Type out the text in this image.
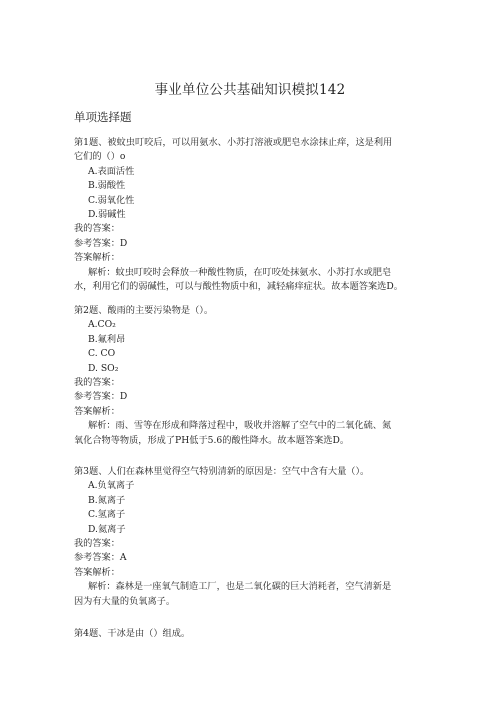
事业单位公共基础知识模拟142
单项选择题
第1题、被蚊虫叮咬后，可以用氨水、小苏打溶液或肥皂水涂抹止痒，这是利用
它们的（）o
A.表面活性
B.弱酸性
C.弱氧化性
D.弱碱性
我的答案：
参考答案：D
答案解析：
解析：蚊虫叮咬时会释放一种酸性物质，在叮咬处抹氨水、小苏打水或肥皂
水，利用它们的弱碱性，可以与酸性物质中和，减轻痛痒症状。故本题答案选D。
第2题、酸雨的主要污染物是（）。
A.CO₂
B.氟利昂
C. CO
D. SO₂
我的答案：
参考答案：D
答案解析：
解析：雨、雪等在形成和降落过程中，吸收并溶解了空气中的二氧化硫、氮
氧化合物等物质，形成了PH低于5.6的酸性降水。故本题答案选D。
第3题、人们在森林里觉得空气特别清新的原因是：空气中含有大量（）。
A.负氧离子
B.氮离子
C.氢离子
D.氦离子
我的答案：
参考答案：A
答案解析：
解析：森林是一座氧气制造工厂，也是二氧化碳的巨大消耗者，空气清新是
因为有大量的负氧离子。
第4题、干冰是由（）组成。
